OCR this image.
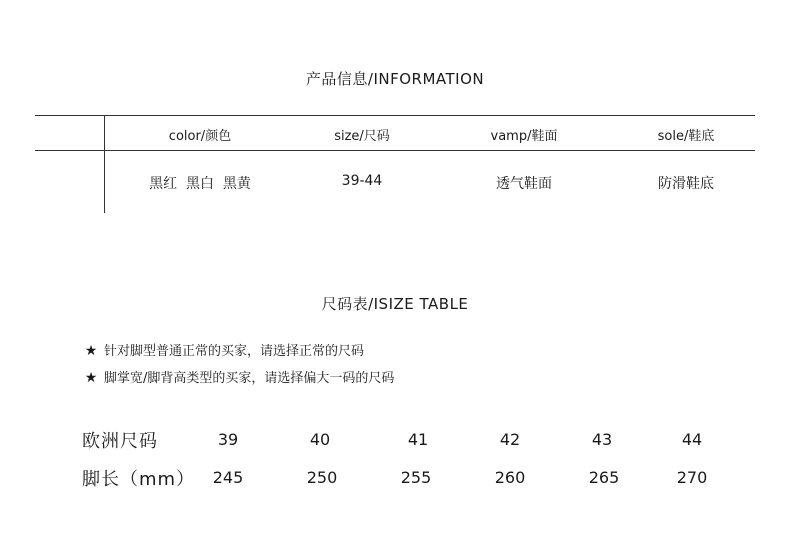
产品信息/INFORMATION
color/颜色	size/尺码	vamp/鞋面	sole/鞋底
黑红  黑白  黑黄	39-44	透气鞋面	防滑鞋底
尺码表/ISIZE TABLE
★ 针对脚型普通正常的买家，请选择正常的尺码
★ 脚掌宽/脚背高类型的买家，请选择偏大一码的尺码
欧洲尺码	39	40	41	42	43	44
脚长（mm）	245	250	255	260	265	270
